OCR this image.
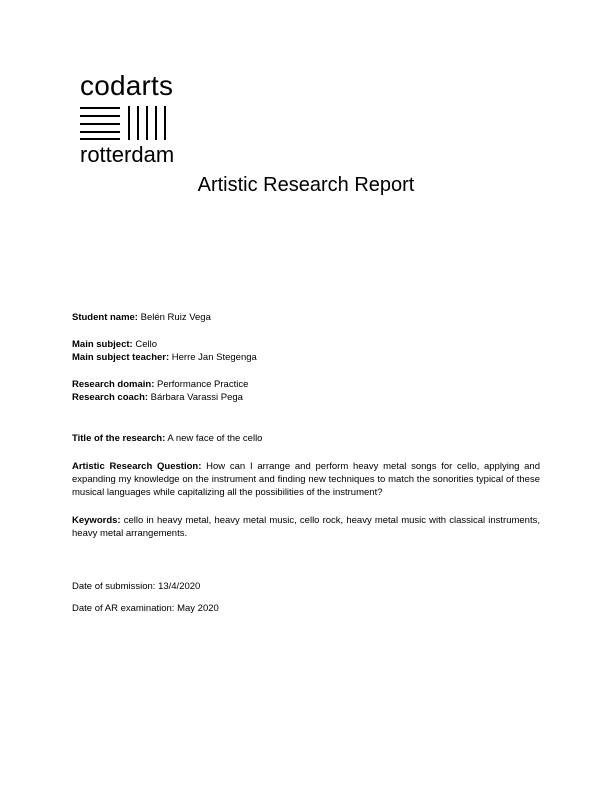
codarts
rotterdam
Artistic Research Report
Student name: Belén Ruiz Vega
Main subject: Cello
Main subject teacher: Herre Jan Stegenga
Research domain: Performance Practice
Research coach: Bárbara Varassi Pega
Title of the research: A new face of the cello
Artistic Research Question: How can I arrange and perform heavy metal songs for cello, applying and expanding my knowledge on the instrument and finding new techniques to match the sonorities typical of these musical languages while capitalizing all the possibilities of the instrument?
Keywords: cello in heavy metal, heavy metal music, cello rock, heavy metal music with classical instruments, heavy metal arrangements.
Date of submission: 13/4/2020
Date of AR examination: May 2020
